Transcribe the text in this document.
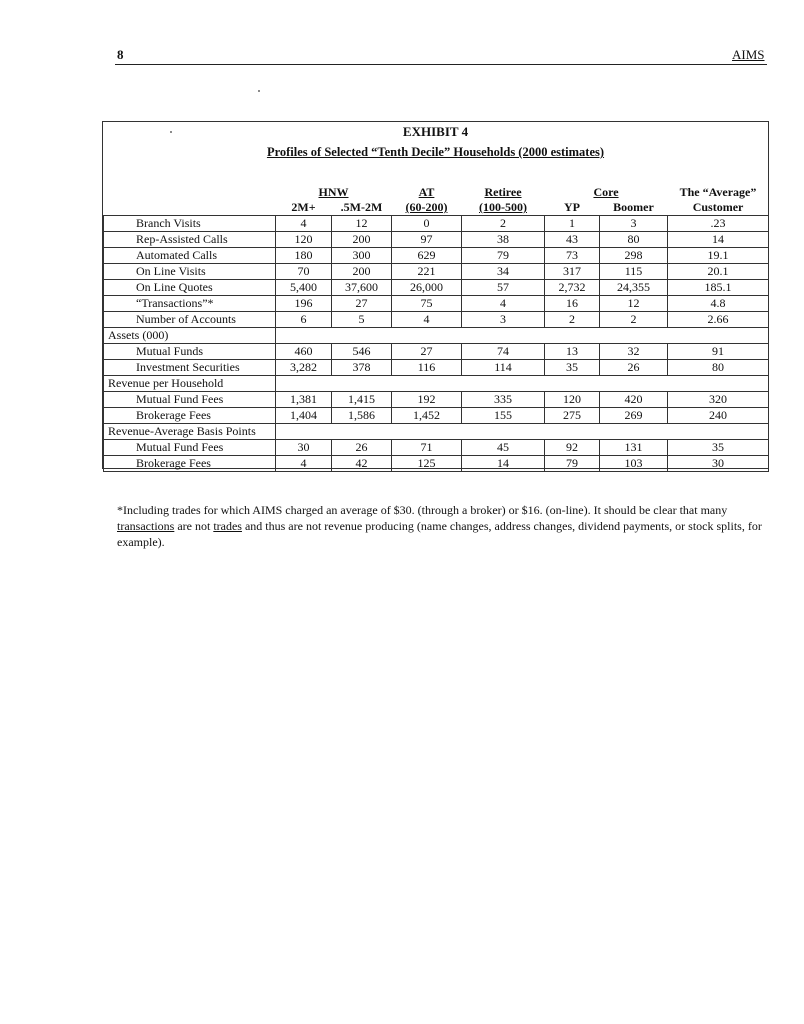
8	AIMS
EXHIBIT 4
Profiles of Selected “Tenth Decile” Households (2000 estimates)
	HNW		AT	Retiree	Core		The “Average”
	2M+	.5M-2M	(60-200)	(100-500)	YP	Boomer	Customer
Branch Visits	4	12	0	2	1	3	.23
Rep-Assisted Calls	120	200	97	38	43	80	14
Automated Calls	180	300	629	79	73	298	19.1
On Line Visits	70	200	221	34	317	115	20.1
On Line Quotes	5,400	37,600	26,000	57	2,732	24,355	185.1
“Transactions”*	196	27	75	4	16	12	4.8
Number of Accounts	6	5	4	3	2	2	2.66
Assets (000)							
Mutual Funds	460	546	27	74	13	32	91
Investment Securities	3,282	378	116	114	35	26	80
Revenue per Household							
Mutual Fund Fees	1,381	1,415	192	335	120	420	320
Brokerage Fees	1,404	1,586	1,452	155	275	269	240
Revenue-Average Basis Points							
Mutual Fund Fees	30	26	71	45	92	131	35
Brokerage Fees	4	42	125	14	79	103	30
*Including trades for which AIMS charged an average of $30. (through a broker) or $16. (on-line). It should be clear that many transactions are not trades and thus are not revenue producing (name changes, address changes, dividend payments, or stock splits, for example).
